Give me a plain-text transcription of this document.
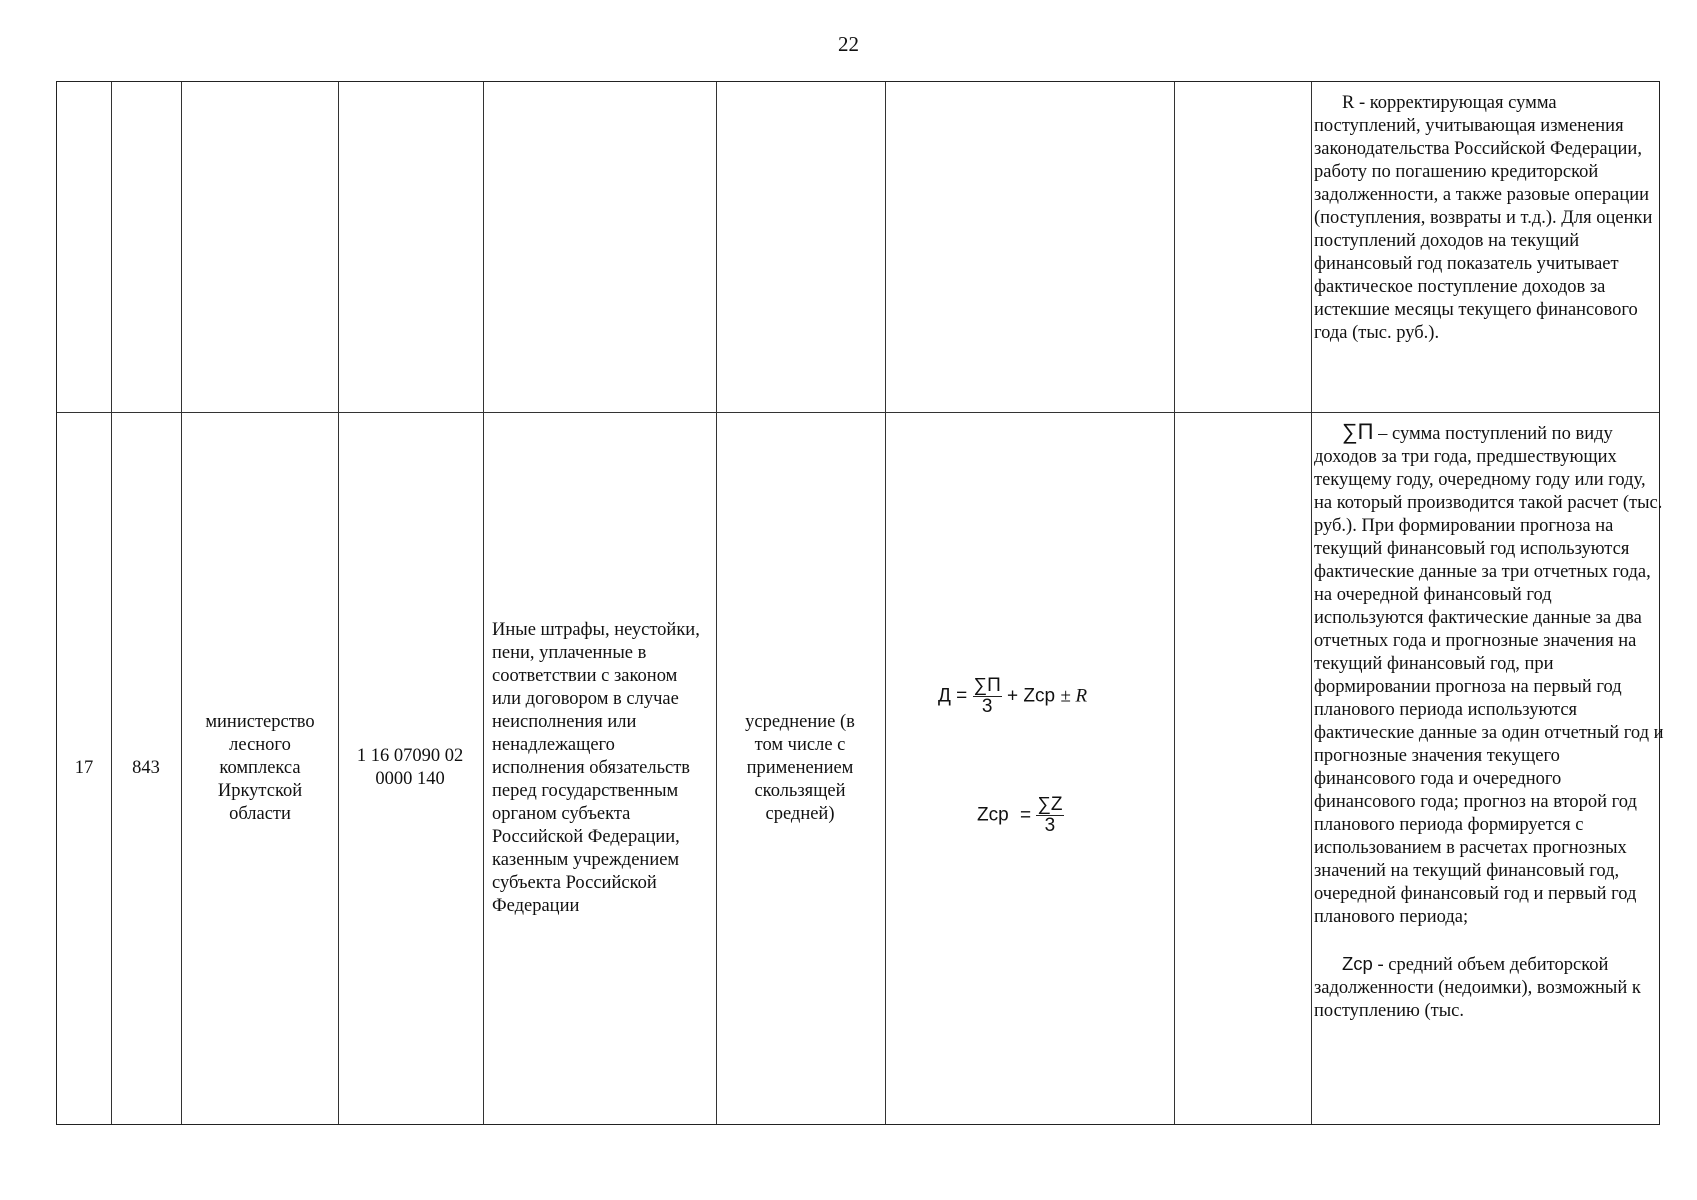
22

R - корректирующая сумма поступлений, учитывающая изменения законодательства Российской Федерации, работу по погашению кредиторской задолженности, а также разовые операции (поступления, возвраты и т.д.). Для оценки поступлений доходов на текущий финансовый год показатель учитывает фактическое поступление доходов за истекшие месяцы текущего финансового года (тыс. руб.).

17	843
министерство лесного комплекса Иркутской области
1 16 07090 02 0000 140
Иные штрафы, неустойки, пени, уплаченные в соответствии с законом или договором в случае неисполнения или ненадлежащего исполнения обязательств перед государственным органом субъекта Российской Федерации, казенным учреждением субъекта Российской Федерации
усреднение (в том числе с применением скользящей средней)
$Д = \frac{\sum П}{3}$ + Zср ± R
Zср = $\frac{\sum Z}{3}$

∑П – сумма поступлений по виду доходов за три года, предшествующих текущему году, очередному году или году, на который производится такой расчет (тыс. руб.). При формировании прогноза на текущий финансовый год используются фактические данные за три отчетных года, на очередной финансовый год используются фактические данные за два отчетных года и прогнозные значения на текущий финансовый год, при формировании прогноза на первый год планового периода используются фактические данные за один отчетный год и прогнозные значения текущего финансового года и очередного финансового года; прогноз на второй год планового периода формируется с использованием в расчетах прогнозных значений на текущий финансовый год, очередной финансовый год и первый год планового периода;

Zср - средний объем дебиторской задолженности (недоимки), возможный к поступлению (тыс.
